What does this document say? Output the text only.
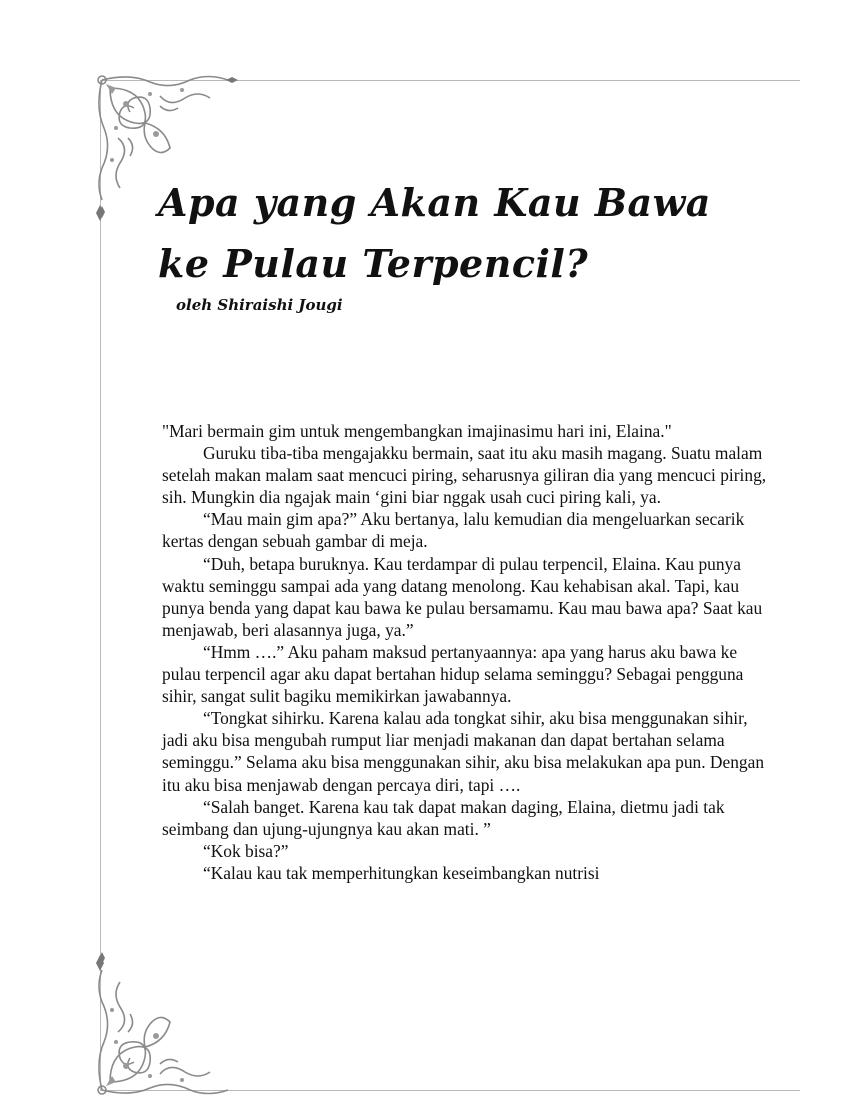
Apa yang Akan Kau Bawa
ke Pulau Terpencil?

oleh Shiraishi Jougi

"Mari bermain gim untuk mengembangkan imajinasimu hari ini, Elaina."

Guruku tiba-tiba mengajakku bermain, saat itu aku masih magang. Suatu malam setelah makan malam saat mencuci piring, seharusnya giliran dia yang mencuci piring, sih. Mungkin dia ngajak main ‘gini biar nggak usah cuci piring kali, ya.

“Mau main gim apa?” Aku bertanya, lalu kemudian dia mengeluarkan secarik kertas dengan sebuah gambar di meja.

“Duh, betapa buruknya. Kau terdampar di pulau terpencil, Elaina. Kau punya waktu seminggu sampai ada yang datang menolong. Kau kehabisan akal. Tapi, kau punya benda yang dapat kau bawa ke pulau bersamamu. Kau mau bawa apa? Saat kau menjawab, beri alasannya juga, ya.”

“Hmm ….” Aku paham maksud pertanyaannya: apa yang harus aku bawa ke pulau terpencil agar aku dapat bertahan hidup selama seminggu? Sebagai pengguna sihir, sangat sulit bagiku memikirkan jawabannya.

“Tongkat sihirku. Karena kalau ada tongkat sihir, aku bisa menggunakan sihir, jadi aku bisa mengubah rumput liar menjadi makanan dan dapat bertahan selama seminggu.” Selama aku bisa menggunakan sihir, aku bisa melakukan apa pun. Dengan itu aku bisa menjawab dengan percaya diri, tapi ….

“Salah banget. Karena kau tak dapat makan daging, Elaina, dietmu jadi tak seimbang dan ujung-ujungnya kau akan mati. ”

“Kok bisa?”

“Kalau kau tak memperhitungkan keseimbangkan nutrisi
